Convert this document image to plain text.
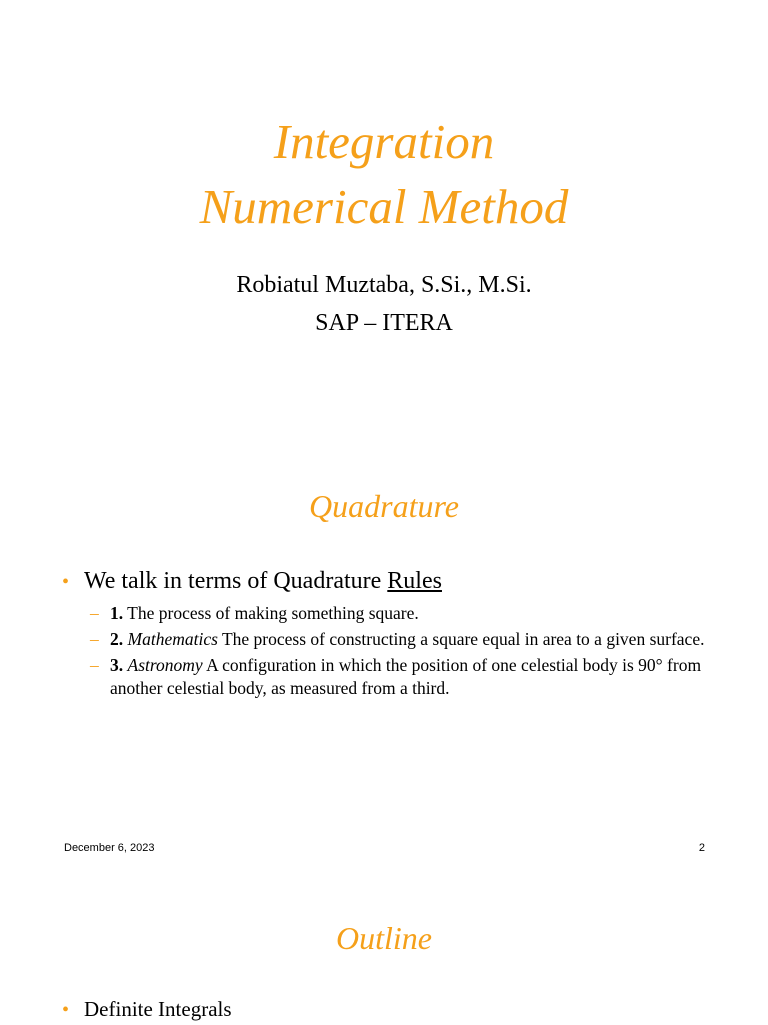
Integration
Numerical Method
Robiatul Muztaba, S.Si., M.Si.
SAP – ITERA
Quadrature
• We talk in terms of Quadrature Rules
– 1. The process of making something square.
– 2. Mathematics The process of constructing a square equal in area to a given surface.
– 3. Astronomy A configuration in which the position of one celestial body is 90° from another celestial body, as measured from a third.
December 6, 2023	2
Outline
• Definite Integrals
